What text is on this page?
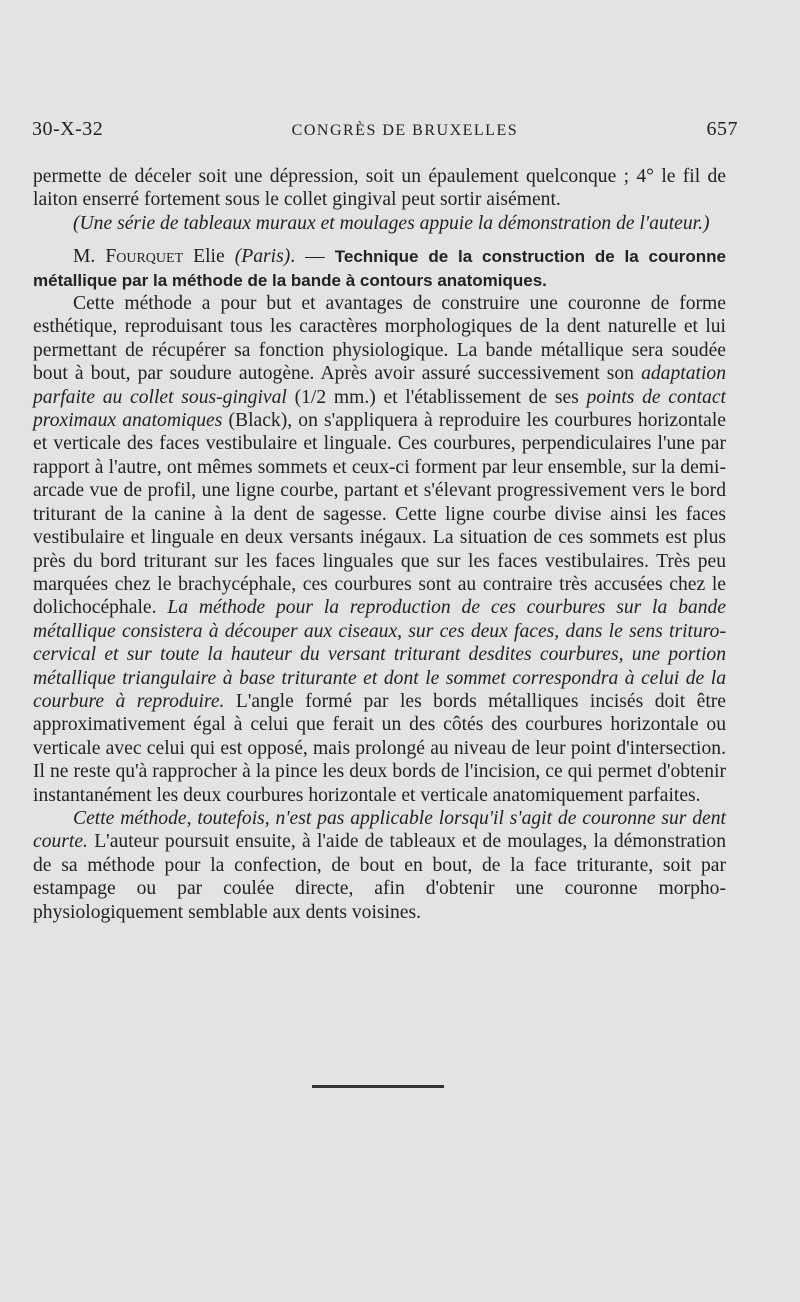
30-X-32	CONGRÈS DE BRUXELLES	657

permette de déceler soit une dépression, soit un épaulement quelconque ; 4° le fil de laiton enserré fortement sous le collet gingival peut sortir aisément.

(Une série de tableaux muraux et moulages appuie la démonstration de l'auteur.)

M. Fourquet Elie (Paris). — Technique de la construction de la couronne métallique par la méthode de la bande à contours anatomiques.

Cette méthode a pour but et avantages de construire une couronne de forme esthétique, reproduisant tous les caractères morphologiques de la dent naturelle et lui permettant de récupérer sa fonction physiologique. La bande métallique sera soudée bout à bout, par soudure autogène. Après avoir assuré successivement son adaptation parfaite au collet sous-gingival (1/2 mm.) et l'établissement de ses points de contact proximaux anatomiques (Black), on s'appliquera à reproduire les courbures horizontale et verticale des faces vestibulaire et linguale. Ces courbures, perpendiculaires l'une par rapport à l'autre, ont mêmes sommets et ceux-ci forment par leur ensemble, sur la demi-arcade vue de profil, une ligne courbe, partant et s'élevant progressivement vers le bord triturant de la canine à la dent de sagesse. Cette ligne courbe divise ainsi les faces vestibulaire et linguale en deux versants inégaux. La situation de ces sommets est plus près du bord triturant sur les faces linguales que sur les faces vestibulaires. Très peu marquées chez le brachycéphale, ces courbures sont au contraire très accusées chez le dolichocéphale. La méthode pour la reproduction de ces courbures sur la bande métallique consistera à découper aux ciseaux, sur ces deux faces, dans le sens trituro-cervical et sur toute la hauteur du versant triturant desdites courbures, une portion métallique triangulaire à base triturante et dont le sommet correspondra à celui de la courbure à reproduire. L'angle formé par les bords métalliques incisés doit être approximativement égal à celui que ferait un des côtés des courbures horizontale ou verticale avec celui qui est opposé, mais prolongé au niveau de leur point d'intersection. Il ne reste qu'à rapprocher à la pince les deux bords de l'incision, ce qui permet d'obtenir instantanément les deux courbures horizontale et verticale anatomiquement parfaites.

Cette méthode, toutefois, n'est pas applicable lorsqu'il s'agit de couronne sur dent courte. L'auteur poursuit ensuite, à l'aide de tableaux et de moulages, la démonstration de sa méthode pour la confection, de bout en bout, de la face triturante, soit par estampage ou par coulée directe, afin d'obtenir une couronne morpho-physiologiquement semblable aux dents voisines.
